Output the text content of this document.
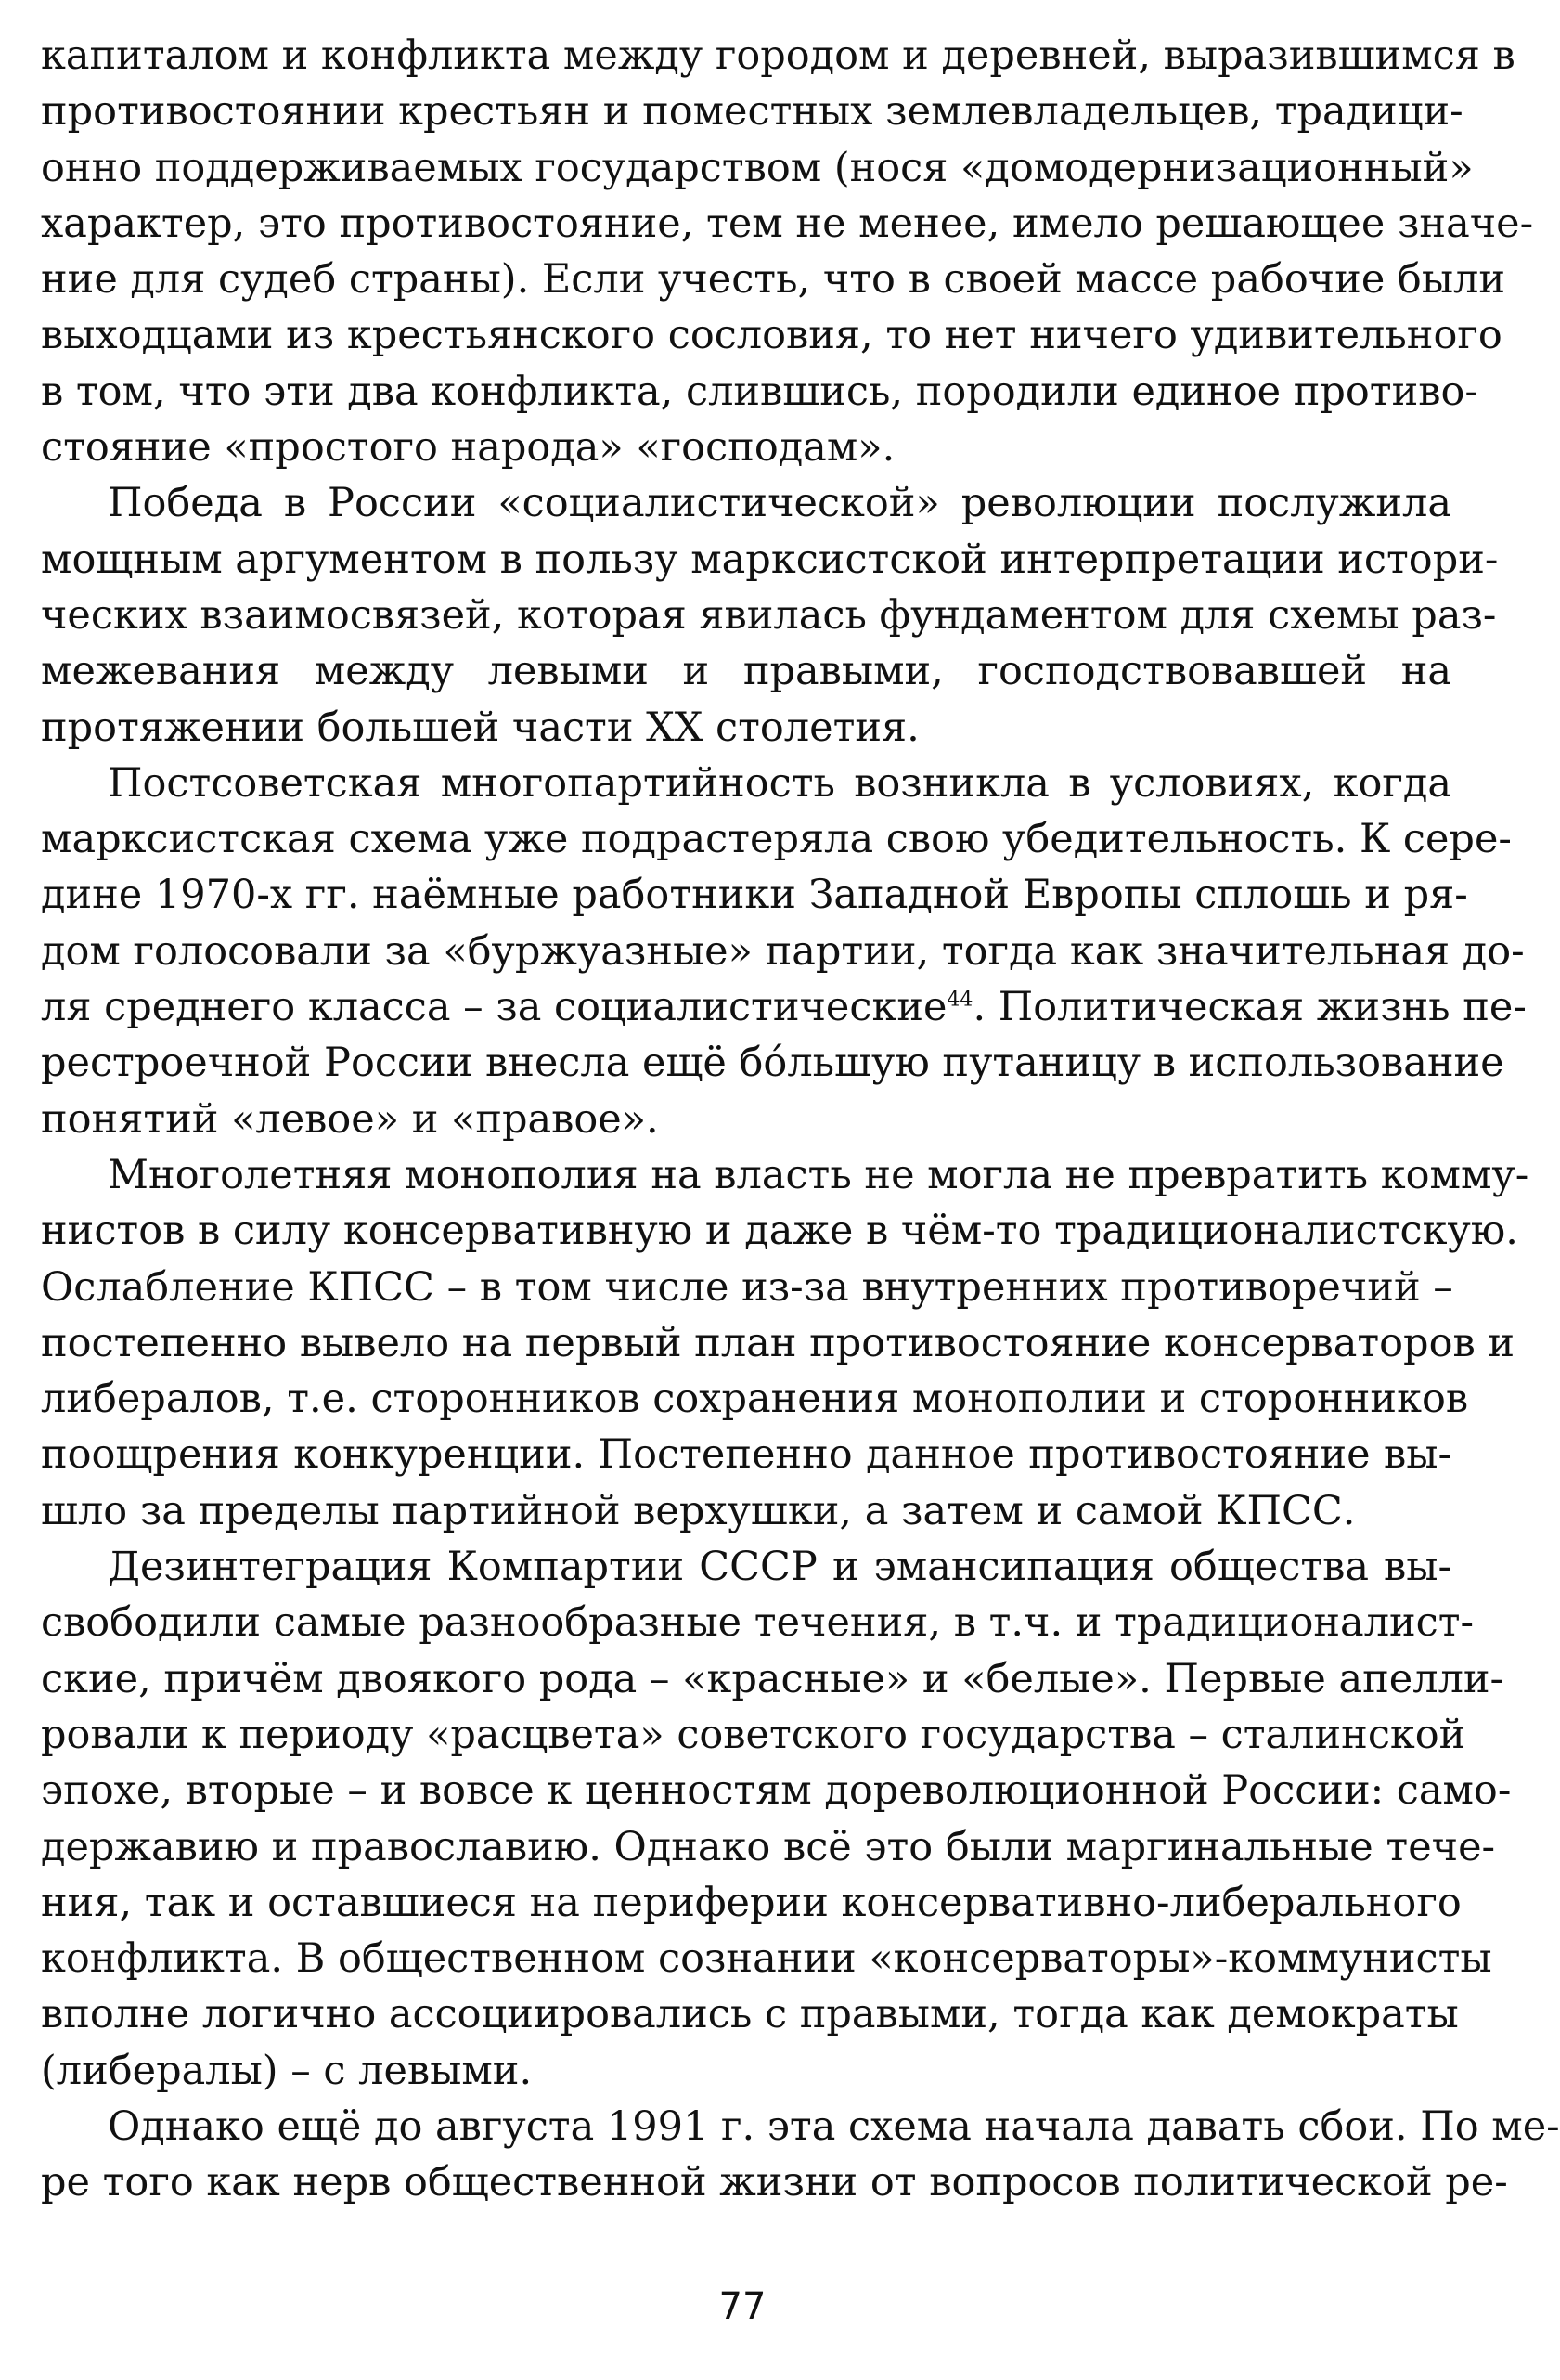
капиталом и конфликта между городом и деревней, выразившимся в
противостоянии крестьян и поместных землевладельцев, традици-
онно поддерживаемых государством (нося «домодернизационный»
характер, это противостояние, тем не менее, имело решающее значе-
ние для судеб страны). Если учесть, что в своей массе рабочие были
выходцами из крестьянского сословия, то нет ничего удивительного
в том, что эти два конфликта, слившись, породили единое противо-
стояние «простого народа» «господам».
Победа в России «социалистической» революции послужила
мощным аргументом в пользу марксистской интерпретации истори-
ческих взаимосвязей, которая явилась фундаментом для схемы раз-
межевания между левыми и правыми, господствовавшей на
протяжении большей части XX столетия.
Постсоветская многопартийность возникла в условиях, когда
марксистская схема уже подрастеряла свою убедительность. К сере-
дине 1970-х гг. наёмные работники Западной Европы сплошь и ря-
дом голосовали за «буржуазные» партии, тогда как значительная до-
ля среднего класса – за социалистические$^{44}$. Политическая жизнь пе-
рестроечной России внесла ещё бóльшую путаницу в использование
понятий «левое» и «правое».
Многолетняя монополия на власть не могла не превратить комму-
нистов в силу консервативную и даже в чём-то традиционалистскую.
Ослабление КПСС – в том числе из-за внутренних противоречий –
постепенно вывело на первый план противостояние консерваторов и
либералов, т.е. сторонников сохранения монополии и сторонников
поощрения конкуренции. Постепенно данное противостояние вы-
шло за пределы партийной верхушки, а затем и самой КПСС.
Дезинтеграция Компартии СССР и эмансипация общества вы-
свободили самые разнообразные течения, в т.ч. и традиционалист-
ские, причём двоякого рода – «красные» и «белые». Первые апелли-
ровали к периоду «расцвета» советского государства – сталинской
эпохе, вторые – и вовсе к ценностям дореволюционной России: само-
державию и православию. Однако всё это были маргинальные тече-
ния, так и оставшиеся на периферии консервативно-либерального
конфликта. В общественном сознании «консерваторы»-коммунисты
вполне логично ассоциировались с правыми, тогда как демократы
(либералы) – с левыми.
Однако ещё до августа 1991 г. эта схема начала давать сбои. По ме-
ре того как нерв общественной жизни от вопросов политической ре-
77
